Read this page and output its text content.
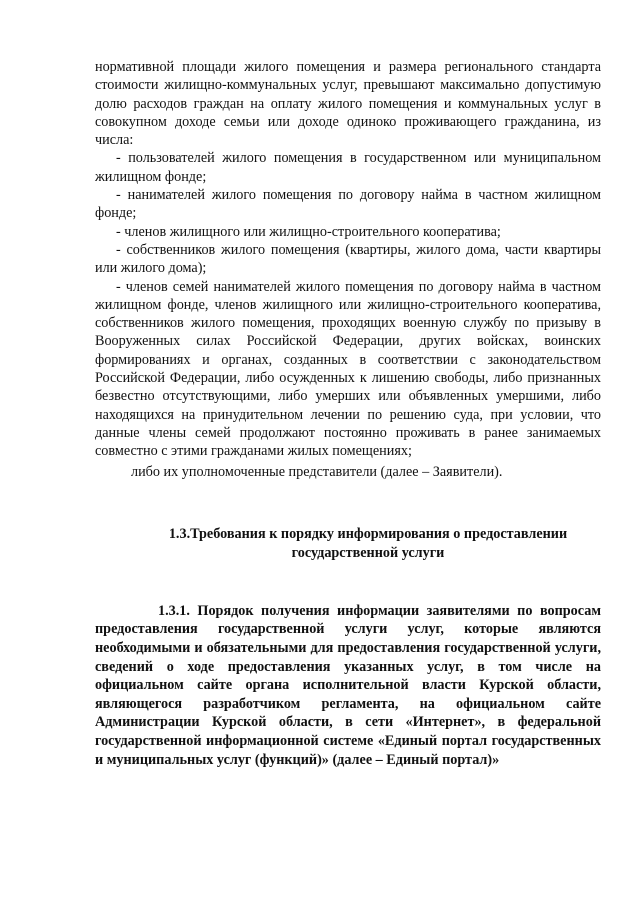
нормативной площади жилого помещения и размера регионального стандарта стоимости жилищно-коммунальных услуг, превышают максимально допустимую долю расходов граждан на оплату жилого помещения и коммунальных услуг в совокупном доходе семьи или доходе одиноко проживающего гражданина, из числа:

- пользователей жилого помещения в государственном или муниципальном жилищном фонде;

- нанимателей жилого помещения по договору найма в частном жилищном фонде;

- членов жилищного или жилищно-строительного кооператива;

- собственников жилого помещения (квартиры, жилого дома, части квартиры или жилого дома);

- членов семей нанимателей жилого помещения по договору найма в частном жилищном фонде, членов жилищного или жилищно-строительного кооператива, собственников жилого помещения, проходящих военную службу по призыву в Вооруженных силах Российской Федерации, других войсках, воинских формированиях и органах, созданных в соответствии с законодательством Российской Федерации, либо осужденных к лишению свободы, либо признанных безвестно отсутствующими, либо умерших или объявленных умершими, либо находящихся на принудительном лечении по решению суда, при условии, что данные члены семей продолжают постоянно проживать в ранее занимаемых совместно с этими гражданами жилых помещениях;

либо их уполномоченные представители (далее – Заявители).

1.3.Требования к порядку информирования о предоставлении государственной услуги

1.3.1. Порядок получения информации заявителями по вопросам предоставления государственной услуги услуг, которые являются необходимыми и обязательными для предоставления государственной услуги, сведений о ходе предоставления указанных услуг, в том числе на официальном сайте органа исполнительной власти Курской области, являющегося разработчиком регламента, на официальном сайте Администрации Курской области, в сети «Интернет», в федеральной государственной информационной системе «Единый портал государственных и муниципальных услуг (функций)» (далее – Единый портал)»
